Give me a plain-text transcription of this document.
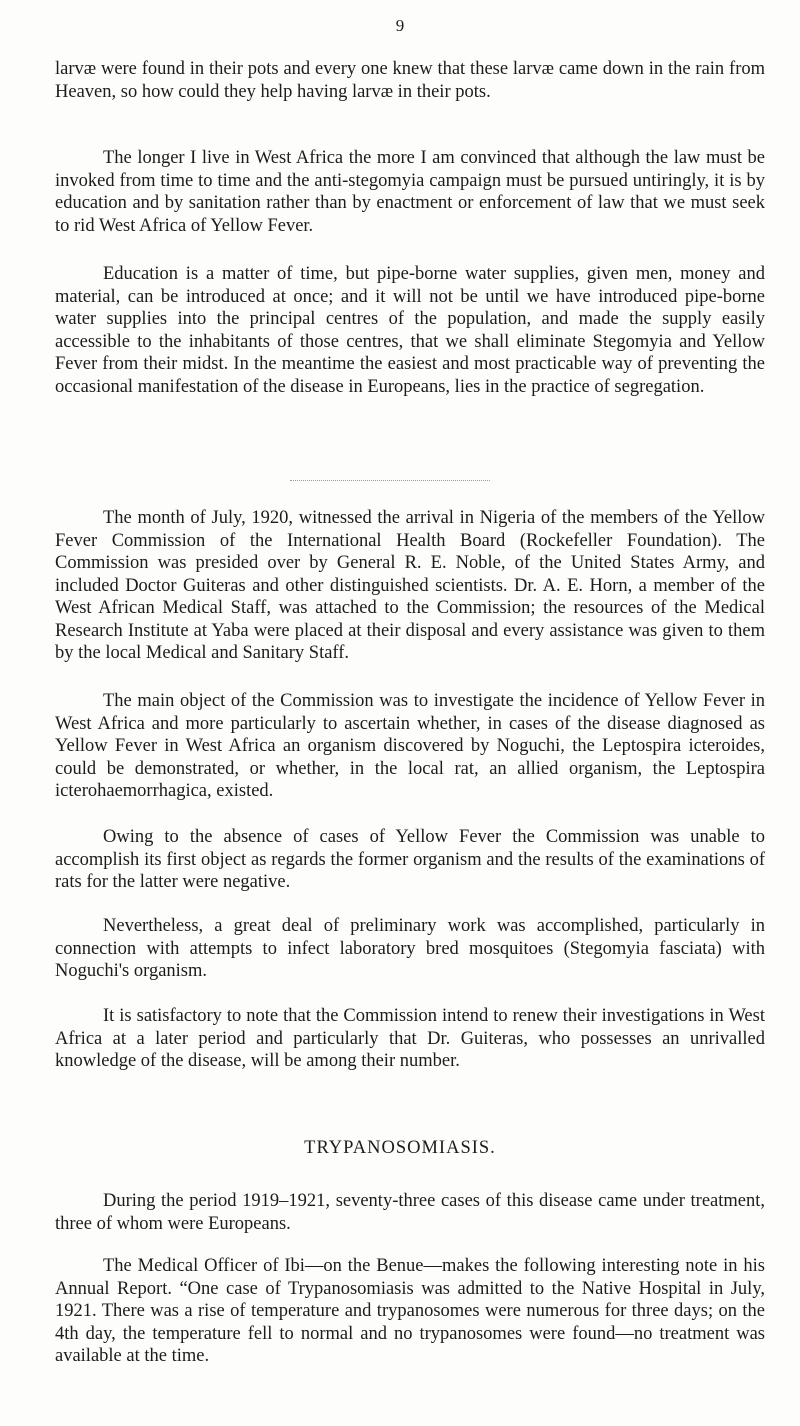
9

larvæ were found in their pots and every one knew that these larvæ came down in the rain from Heaven, so how could they help having larvæ in their pots.

The longer I live in West Africa the more I am convinced that although the law must be invoked from time to time and the anti-stegomyia campaign must be pursued untiringly, it is by education and by sanitation rather than by enactment or enforcement of law that we must seek to rid West Africa of Yellow Fever.

Education is a matter of time, but pipe-borne water supplies, given men, money and material, can be introduced at once; and it will not be until we have introduced pipe-borne water supplies into the principal centres of the population, and made the supply easily accessible to the inhabitants of those centres, that we shall eliminate Stegomyia and Yellow Fever from their midst. In the meantime the easiest and most practicable way of preventing the occasional manifestation of the disease in Europeans, lies in the practice of segregation.

The month of July, 1920, witnessed the arrival in Nigeria of the members of the Yellow Fever Commission of the International Health Board (Rockefeller Foundation). The Commission was presided over by General R. E. Noble, of the United States Army, and included Doctor Guiteras and other distinguished scientists. Dr. A. E. Horn, a member of the West African Medical Staff, was attached to the Commission; the resources of the Medical Research Institute at Yaba were placed at their disposal and every assistance was given to them by the local Medical and Sanitary Staff.

The main object of the Commission was to investigate the incidence of Yellow Fever in West Africa and more particularly to ascertain whether, in cases of the disease diagnosed as Yellow Fever in West Africa an organism discovered by Noguchi, the Leptospira icteroides, could be demonstrated, or whether, in the local rat, an allied organism, the Leptospira icterohaemorrhagica, existed.

Owing to the absence of cases of Yellow Fever the Commission was unable to accomplish its first object as regards the former organism and the results of the examinations of rats for the latter were negative.

Nevertheless, a great deal of preliminary work was accomplished, particularly in connection with attempts to infect laboratory bred mosquitoes (Stegomyia fasciata) with Noguchi's organism.

It is satisfactory to note that the Commission intend to renew their investigations in West Africa at a later period and particularly that Dr. Guiteras, who possesses an unrivalled knowledge of the disease, will be among their number.

TRYPANOSOMIASIS.

During the period 1919–1921, seventy-three cases of this disease came under treatment, three of whom were Europeans.

The Medical Officer of Ibi—on the Benue—makes the following interesting note in his Annual Report. “One case of Trypanosomiasis was admitted to the Native Hospital in July, 1921. There was a rise of temperature and trypanosomes were numerous for three days; on the 4th day, the temperature fell to normal and no trypanosomes were found—no treatment was available at the time.
